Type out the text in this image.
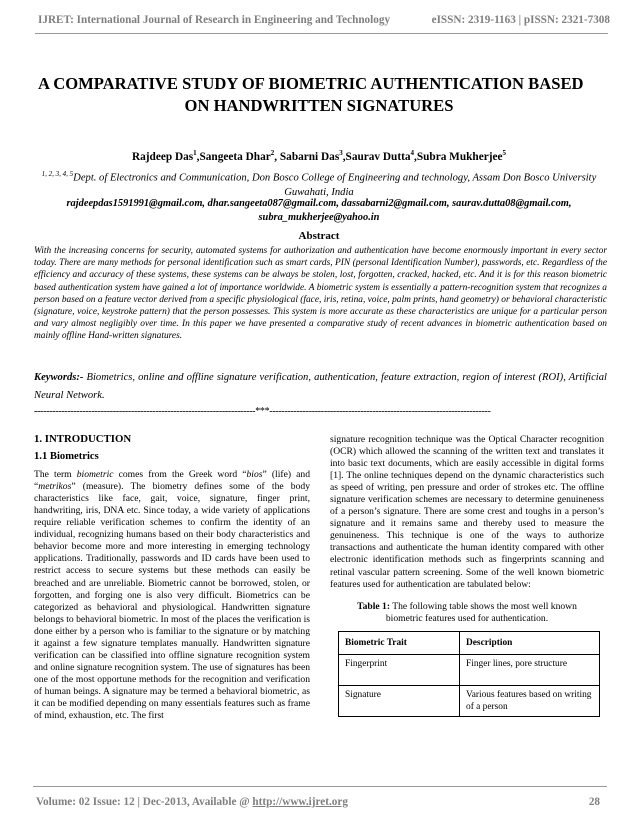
IJRET: International Journal of Research in Engineering and Technology	eISSN: 2319-1163 | pISSN: 2321-7308
A COMPARATIVE STUDY OF BIOMETRIC AUTHENTICATION BASED
ON HANDWRITTEN SIGNATURES
Rajdeep Das$^1$,Sangeeta Dhar$^2$, Sabarni Das$^3$,Saurav Dutta$^4$,Subra Mukherjee$^5$
$^{1, 2, 3, 4, 5}$Dept. of Electronics and Communication, Don Bosco College of Engineering and technology, Assam Don Bosco University Guwahati, India
rajdeepdas1591991@gmail.com, dhar.sangeeta087@gmail.com, dassabarni2@gmail.com, saurav.dutta08@gmail.com,
subra_mukherjee@yahoo.in
Abstract
With the increasing concerns for security, automated systems for authorization and authentication have become enormously important in every sector today. There are many methods for personal identification such as smart cards, PIN (personal Identification Number), passwords, etc. Regardless of the efficiency and accuracy of these systems, these systems can be always be stolen, lost, forgotten, cracked, hacked, etc. And it is for this reason biometric based authentication system have gained a lot of importance worldwide. A biometric system is essentially a pattern-recognition system that recognizes a person based on a feature vector derived from a specific physiological (face, iris, retina, voice, palm prints, hand geometry) or behavioral characteristic (signature, voice, keystroke pattern) that the person possesses. This system is more accurate as these characteristics are unique for a particular person and vary almost negligibly over time. In this paper we have presented a comparative study of recent advances in biometric authentication based on mainly offline Hand-written signatures.
Keywords:- Biometrics, online and offline signature verification, authentication, feature extraction, region of interest (ROI), Artificial Neural Network.
-------------------------------------------------------------------------***-------------------------------------------------------------------------
1. INTRODUCTION
1.1 Biometrics
The term biometric comes from the Greek word “bios” (life) and “metrikos” (measure). The biometry defines some of the body characteristics like face, gait, voice, signature, finger print, handwriting, iris, DNA etc. Since today, a wide variety of applications require reliable verification schemes to confirm the identity of an individual, recognizing humans based on their body characteristics and behavior become more and more interesting in emerging technology applications. Traditionally, passwords and ID cards have been used to restrict access to secure systems but these methods can easily be breached and are unreliable. Biometric cannot be borrowed, stolen, or forgotten, and forging one is also very difficult. Biometrics can be categorized as behavioral and physiological. Handwritten signature belongs to behavioral biometric. In most of the places the verification is done either by a person who is familiar to the signature or by matching it against a few signature templates manually. Handwritten signature verification can be classified into offline signature recognition system and online signature recognition system. The use of signatures has been one of the most opportune methods for the recognition and verification of human beings. A signature may be termed a behavioral biometric, as it can be modified depending on many essentials features such as frame of mind, exhaustion, etc. The first
signature recognition technique was the Optical Character recognition (OCR) which allowed the scanning of the written text and translates it into basic text documents, which are easily accessible in digital forms [1]. The online techniques depend on the dynamic characteristics such as speed of writing, pen pressure and order of strokes etc. The offline signature verification schemes are necessary to determine genuineness of a person’s signature. There are some crest and toughs in a person’s signature and it remains same and thereby used to measure the genuineness. This technique is one of the ways to authorize transactions and authenticate the human identity compared with other electronic identification methods such as fingerprints scanning and retinal vascular pattern screening. Some of the well known biometric features used for authentication are tabulated below:
Table 1: The following table shows the most well known biometric features used for authentication.
Biometric Trait	Description
Fingerprint	Finger lines, pore structure
Signature	Various features based on writing of a person
Volume: 02 Issue: 12 | Dec-2013, Available @ http://www.ijret.org	28
